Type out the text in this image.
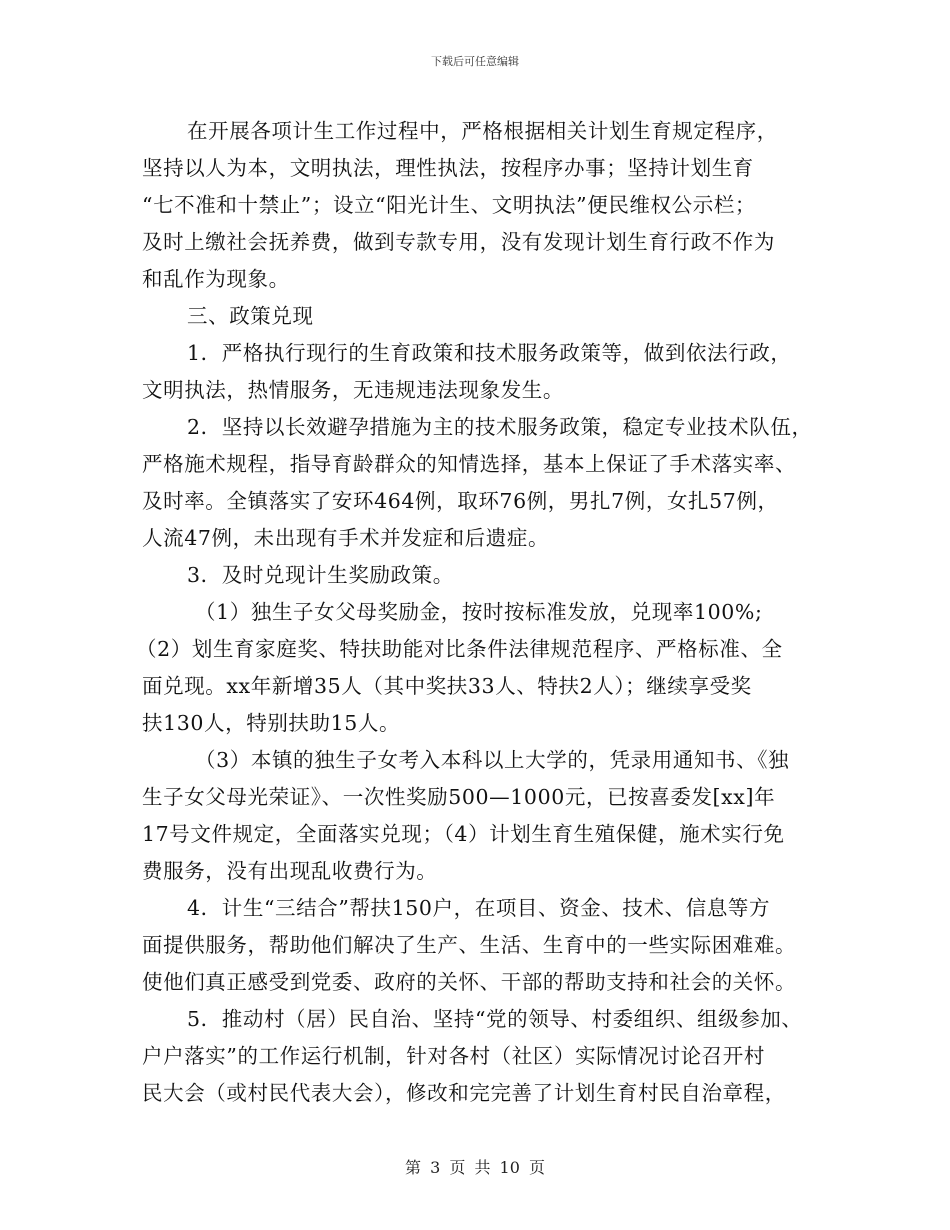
下载后可任意编辑
在开展各项计生工作过程中，严格根据相关计划生育规定程序，
坚持以人为本，文明执法，理性执法，按程序办事；坚持计划生育
“七不准和十禁止”；设立“阳光计生、文明执法”便民维权公示栏；
及时上缴社会抚养费，做到专款专用，没有发现计划生育行政不作为
和乱作为现象。
三、政策兑现
1．严格执行现行的生育政策和技术服务政策等，做到依法行政，
文明执法，热情服务，无违规违法现象发生。
2．坚持以长效避孕措施为主的技术服务政策，稳定专业技术队伍，
严格施术规程，指导育龄群众的知情选择，基本上保证了手术落实率、
及时率。全镇落实了安环464例，取环76例，男扎7例，女扎57例，
人流47例，未出现有手术并发症和后遗症。
3．及时兑现计生奖励政策。
（1）独生子女父母奖励金，按时按标准发放，兑现率100%;
（2）划生育家庭奖、特扶助能对比条件法律规范程序、严格标准、全
面兑现。xx年新增35人（其中奖扶33人、特扶2人）；继续享受奖
扶130人，特别扶助15人。
（3）本镇的独生子女考入本科以上大学的，凭录用通知书、《独
生子女父母光荣证》、一次性奖励500—1000元，已按喜委发[xx]年
17号文件规定，全面落实兑现；（4）计划生育生殖保健，施术实行免
费服务，没有出现乱收费行为。
4．计生“三结合”帮扶150户，在项目、资金、技术、信息等方
面提供服务，帮助他们解决了生产、生活、生育中的一些实际困难难。
使他们真正感受到党委、政府的关怀、干部的帮助支持和社会的关怀。
5．推动村（居）民自治、坚持“党的领导、村委组织、组级参加、
户户落实”的工作运行机制，针对各村（社区）实际情况讨论召开村
民大会（或村民代表大会），修改和完完善了计划生育村民自治章程，
第 3 页 共 10 页
